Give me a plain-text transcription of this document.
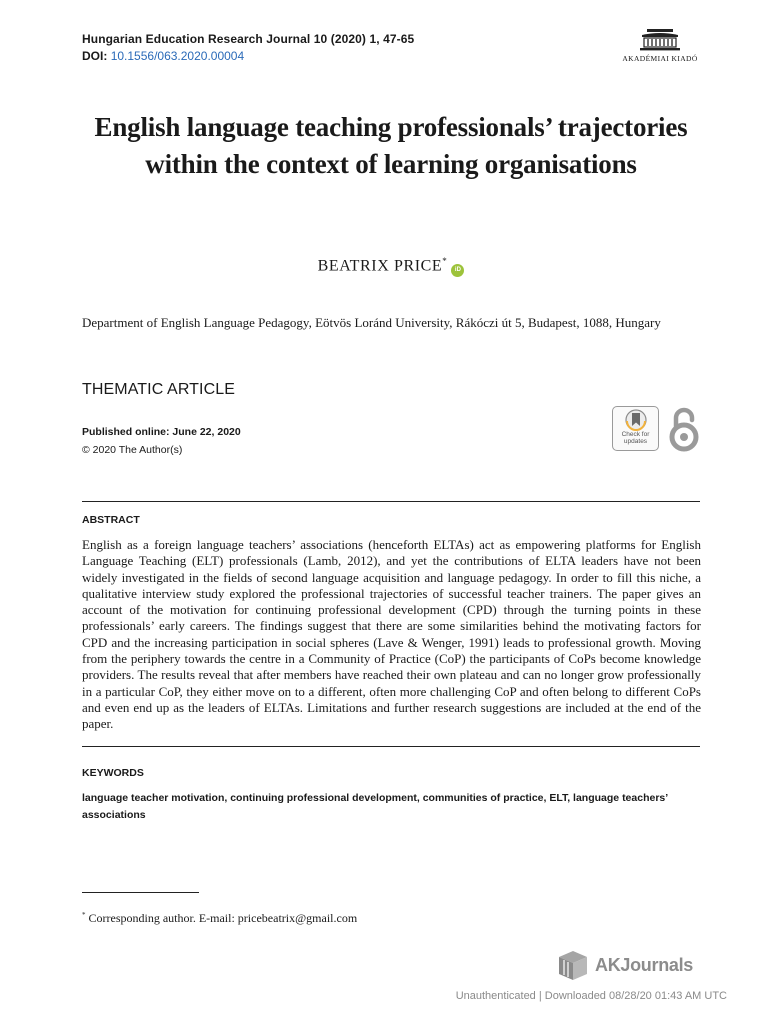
Hungarian Education Research Journal 10 (2020) 1, 47-65
DOI: 10.1556/063.2020.00004	AKADÉMIAI KIADÓ
English language teaching professionals’ trajectories within the context of learning organisations
BEATRIX PRICE*iD
Department of English Language Pedagogy, Eötvös Loránd University, Rákóczi út 5, Budapest, 1088, Hungary
THEMATIC ARTICLE
Published online: June 22, 2020
© 2020 The Author(s)
Check for
updates
ABSTRACT

English as a foreign language teachers’ associations (henceforth ELTAs) act as empowering platforms for English Language Teaching (ELT) professionals (Lamb, 2012), and yet the contributions of ELTA leaders have not been widely investigated in the fields of second language acquisition and language pedagogy. In order to fill this niche, a qualitative interview study explored the professional trajectories of successful teacher trainers. The paper gives an account of the motivation for continuing professional development (CPD) through the turning points in these professionals’ early careers. The findings suggest that there are some similarities behind the motivating factors for CPD and the increasing participation in social spheres (Lave & Wenger, 1991) leads to professional growth. Moving from the periphery towards the centre in a Community of Practice (CoP) the participants of CoPs become knowledge providers. The results reveal that after members have reached their own plateau and can no longer grow professionally in a particular CoP, they either move on to a different, often more challenging CoP and often belong to different CoPs and even end up as the leaders of ELTAs. Limitations and further research suggestions are included at the end of the paper.

KEYWORDS

language teacher motivation, continuing professional development, communities of practice, ELT, language teachers’ associations

* Corresponding author. E-mail: pricebeatrix@gmail.com
AKJournals
Unauthenticated | Downloaded 08/28/20 01:43 AM UTC
